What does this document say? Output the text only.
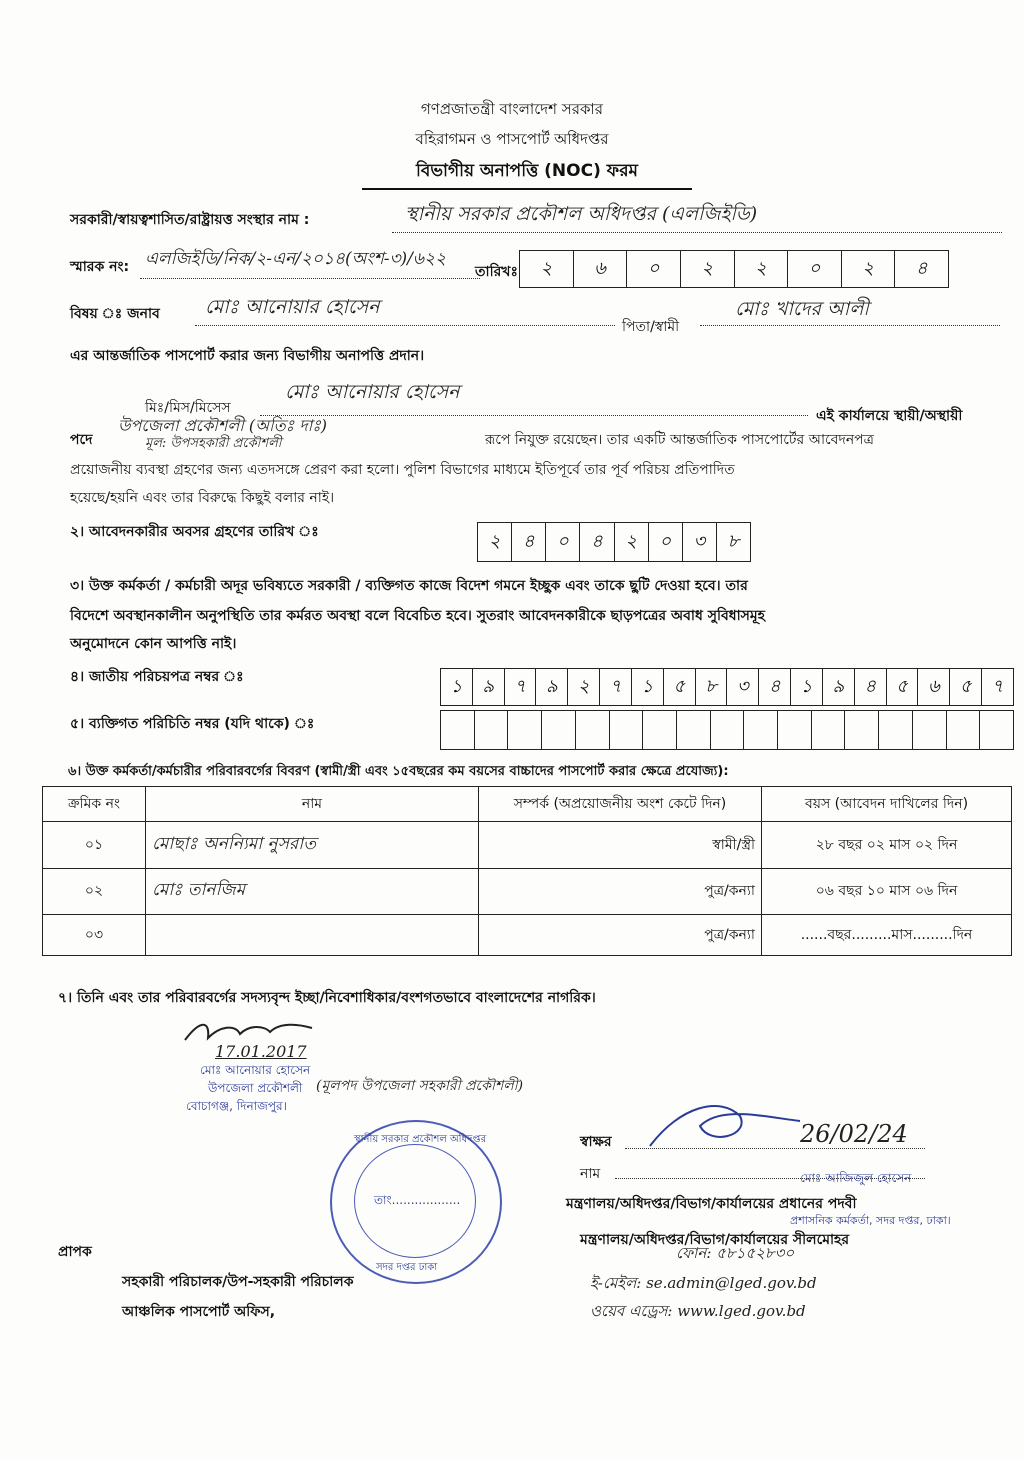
গণপ্রজাতন্ত্রী বাংলাদেশ সরকার
বহিরাগমন ও পাসপোর্ট অধিদপ্তর
বিভাগীয় অনাপত্তি (NOC) ফরম
সরকারী/স্বায়ত্বশাসিত/রাষ্ট্রায়ত্ত সংস্থার নাম :	স্থানীয় সরকার প্রকৌশল অধিদপ্তর (এলজিইডি)
স্মারক নং: এলজিইডি/নিক/২-এন/২০১৪(অংশ-৩)/৬২২
তারিখঃ	২	৬	০	২	২	০	২	৪
বিষয় ঃ জনাব মোঃ আনোয়ার হোসেন
পিতা/স্বামী
মোঃ খাদের আলী
এর আন্তর্জাতিক পাসপোর্ট করার জন্য বিভাগীয় অনাপত্তি প্রদান।
মিঃ/মিস/মিসেস
মোঃ আনোয়ার হোসেন
এই কার্যালয়ে স্থায়ী/অস্থায়ী
পদে
উপজেলা প্রকৌশলী (অতিঃ দাঃ)
মূল: উপসহকারী প্রকৌশলী	রূপে নিযুক্ত রয়েছেন। তার একটি আন্তর্জাতিক পাসপোর্টের আবেদনপত্র
প্রয়োজনীয় ব্যবস্থা গ্রহণের জন্য এতদসঙ্গে প্রেরণ করা হলো। পুলিশ বিভাগের মাধ্যমে ইতিপূর্বে তার পূর্ব পরিচয় প্রতিপাদিত
হয়েছে/হয়নি এবং তার বিরুদ্ধে কিছুই বলার নাই।
২। আবেদনকারীর অবসর গ্রহণের তারিখ ঃ	২	৪	০	৪	২	০	৩	৮
৩। উক্ত কর্মকর্তা / কর্মচারী অদূর ভবিষ্যতে সরকারী / ব্যক্তিগত কাজে বিদেশ গমনে ইচ্ছুক এবং তাকে ছুটি দেওয়া হবে। তার
বিদেশে অবস্থানকালীন অনুপস্থিতি তার কর্মরত অবস্থা বলে বিবেচিত হবে। সুতরাং আবেদনকারীকে ছাড়পত্রের অবাধ সুবিধাসমূহ
অনুমোদনে কোন আপত্তি নাই।
৪। জাতীয় পরিচয়পত্র নম্বর ঃ	১	৯	৭	৯	২	৭	১	৫	৮	৩	৪	১	৯	৪	৫	৬	৫	৭
৫। ব্যক্তিগত পরিচিতি নম্বর (যদি থাকে) ঃ
৬। উক্ত কর্মকর্তা/কর্মচারীর পরিবারবর্গের বিবরণ (স্বামী/স্ত্রী এবং ১৫বছরের কম বয়সের বাচ্চাদের পাসপোর্ট করার ক্ষেত্রে প্রযোজ্য):
ক্রমিক নং	নাম	সম্পর্ক (অপ্রয়োজনীয় অংশ কেটে দিন)	বয়স (আবেদন দাখিলের দিন)
০১	মোছাঃ অনন্যিমা নুসরাত	স্বামী/স্ত্রী	২৮ বছর ০২ মাস ০২ দিন
০২	মোঃ তানজিম	পুত্র/কন্যা	০৬ বছর ১০ মাস ০৬ দিন
০৩		পুত্র/কন্যা	......বছর.........মাস.........দিন
৭। তিনি এবং তার পরিবারবর্গের সদস্যবৃন্দ ইচ্ছা/নিবেশাধিকার/বংশগতভাবে বাংলাদেশের নাগরিক।
17.01.2017
মোঃ আনোয়ার হোসেন
উপজেলা প্রকৌশলী
বোচাগঞ্জ, দিনাজপুর।
(মূলপদ উপজেলা সহকারী প্রকৌশলী)
স্থানীয় সরকার প্রকৌশল অধিদপ্তর
তাং..................
সদর দপ্তর ঢাকা
স্বাক্ষর	26/02/24
নাম	মোঃ আজিজুল হোসেন
মন্ত্রণালয়/অধিদপ্তর/বিভাগ/কার্যালয়ের প্রধানের পদবী
প্রশাসনিক কর্মকর্তা, সদর দপ্তর, ঢাকা।
মন্ত্রণালয়/অধিদপ্তর/বিভাগ/কার্যালয়ের সীলমোহর
ফোন: ৫৮১৫২৮৩০
ই-মেইল: se.admin@lged.gov.bd
ওয়েব এড্রেস: www.lged.gov.bd
প্রাপক
সহকারী পরিচালক/উপ-সহকারী পরিচালক
আঞ্চলিক পাসপোর্ট অফিস,
